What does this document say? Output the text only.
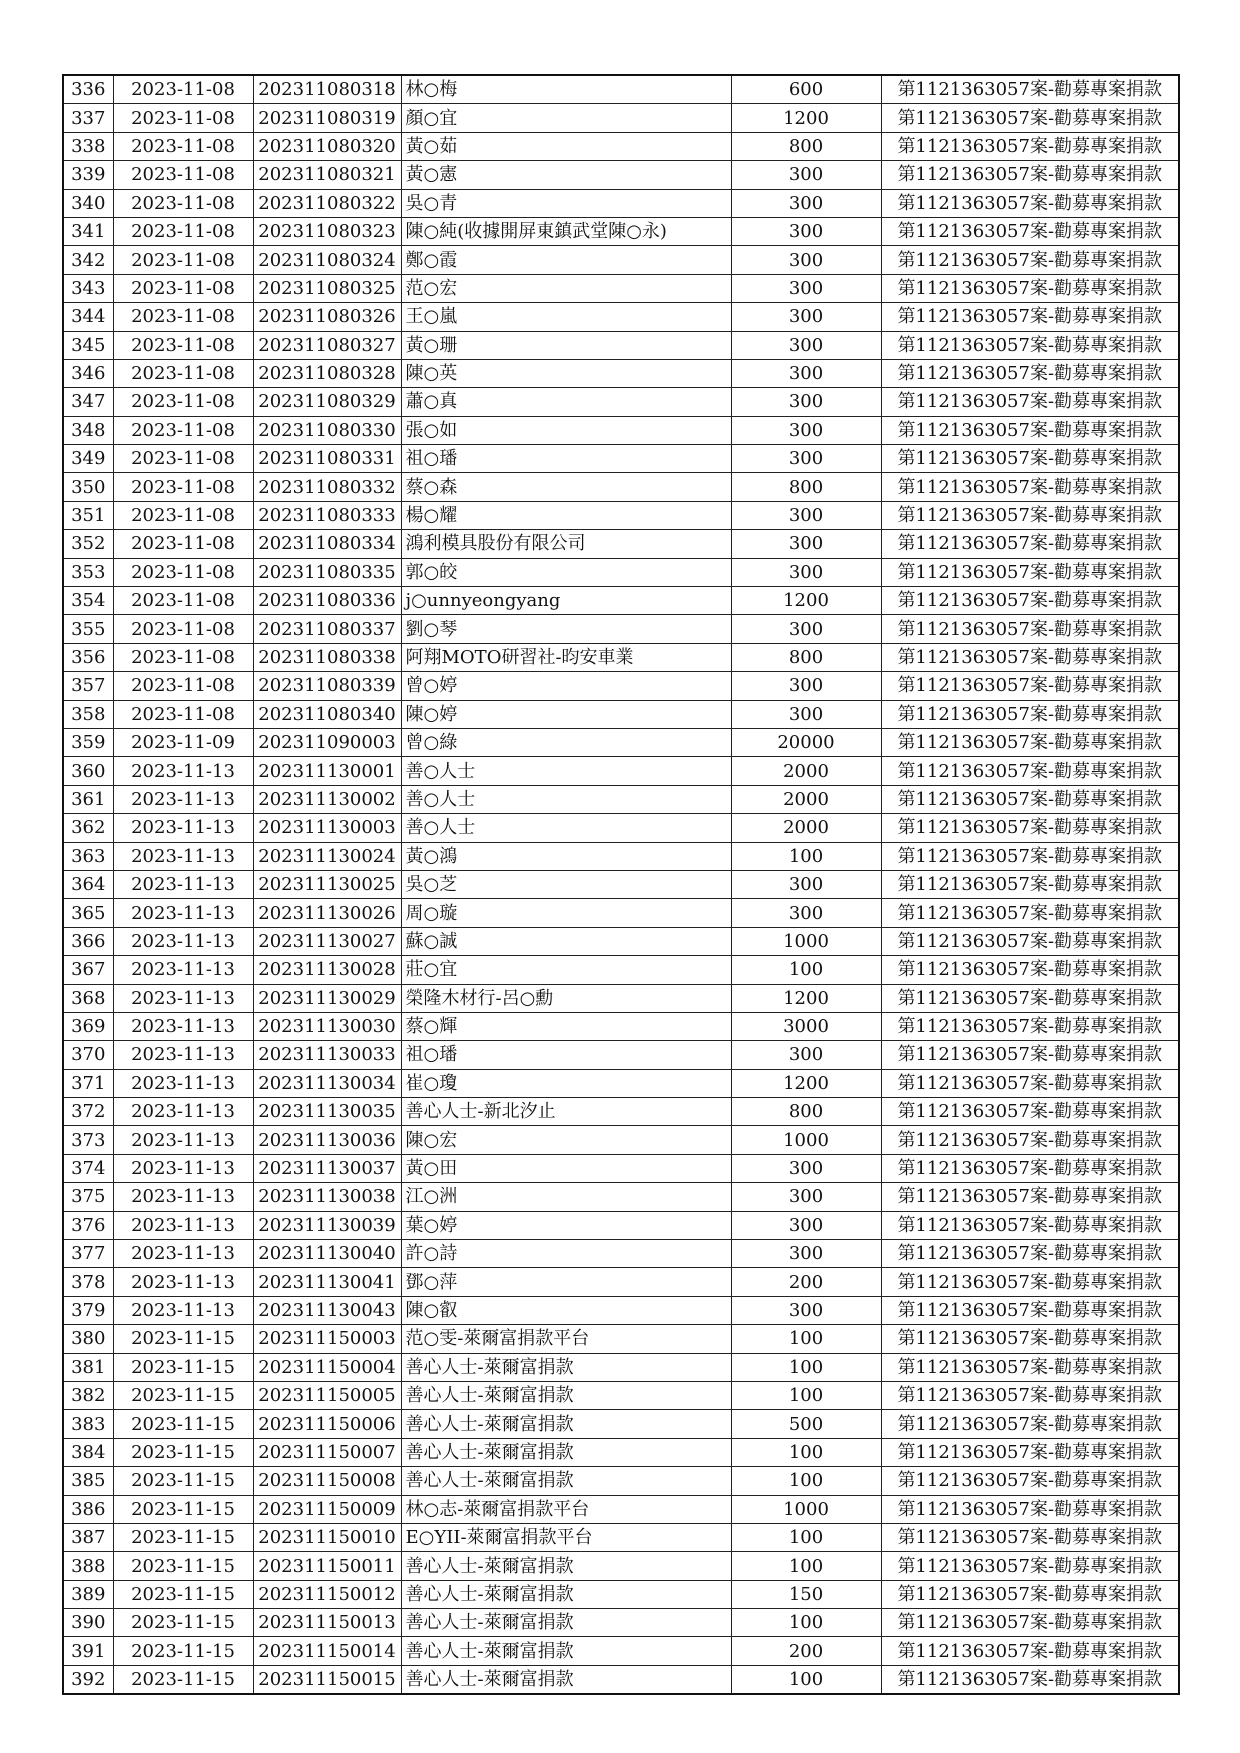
336	2023-11-08	202311080318	林○梅	600	第1121363057案-勸募專案捐款
337	2023-11-08	202311080319	顏○宜	1200	第1121363057案-勸募專案捐款
338	2023-11-08	202311080320	黃○茹	800	第1121363057案-勸募專案捐款
339	2023-11-08	202311080321	黃○憲	300	第1121363057案-勸募專案捐款
340	2023-11-08	202311080322	吳○青	300	第1121363057案-勸募專案捐款
341	2023-11-08	202311080323	陳○純(收據開屏東鎮武堂陳○永)	300	第1121363057案-勸募專案捐款
342	2023-11-08	202311080324	鄭○霞	300	第1121363057案-勸募專案捐款
343	2023-11-08	202311080325	范○宏	300	第1121363057案-勸募專案捐款
344	2023-11-08	202311080326	王○嵐	300	第1121363057案-勸募專案捐款
345	2023-11-08	202311080327	黃○珊	300	第1121363057案-勸募專案捐款
346	2023-11-08	202311080328	陳○英	300	第1121363057案-勸募專案捐款
347	2023-11-08	202311080329	蕭○真	300	第1121363057案-勸募專案捐款
348	2023-11-08	202311080330	張○如	300	第1121363057案-勸募專案捐款
349	2023-11-08	202311080331	祖○璠	300	第1121363057案-勸募專案捐款
350	2023-11-08	202311080332	蔡○森	800	第1121363057案-勸募專案捐款
351	2023-11-08	202311080333	楊○耀	300	第1121363057案-勸募專案捐款
352	2023-11-08	202311080334	鴻利模具股份有限公司	300	第1121363057案-勸募專案捐款
353	2023-11-08	202311080335	郭○皎	300	第1121363057案-勸募專案捐款
354	2023-11-08	202311080336	j○unnyeongyang	1200	第1121363057案-勸募專案捐款
355	2023-11-08	202311080337	劉○琴	300	第1121363057案-勸募專案捐款
356	2023-11-08	202311080338	阿翔MOTO研習社-昀安車業	800	第1121363057案-勸募專案捐款
357	2023-11-08	202311080339	曾○婷	300	第1121363057案-勸募專案捐款
358	2023-11-08	202311080340	陳○婷	300	第1121363057案-勸募專案捐款
359	2023-11-09	202311090003	曾○綠	20000	第1121363057案-勸募專案捐款
360	2023-11-13	202311130001	善○人士	2000	第1121363057案-勸募專案捐款
361	2023-11-13	202311130002	善○人士	2000	第1121363057案-勸募專案捐款
362	2023-11-13	202311130003	善○人士	2000	第1121363057案-勸募專案捐款
363	2023-11-13	202311130024	黃○鴻	100	第1121363057案-勸募專案捐款
364	2023-11-13	202311130025	吳○芝	300	第1121363057案-勸募專案捐款
365	2023-11-13	202311130026	周○璇	300	第1121363057案-勸募專案捐款
366	2023-11-13	202311130027	蘇○誠	1000	第1121363057案-勸募專案捐款
367	2023-11-13	202311130028	莊○宜	100	第1121363057案-勸募專案捐款
368	2023-11-13	202311130029	榮隆木材行-呂○勳	1200	第1121363057案-勸募專案捐款
369	2023-11-13	202311130030	蔡○輝	3000	第1121363057案-勸募專案捐款
370	2023-11-13	202311130033	祖○璠	300	第1121363057案-勸募專案捐款
371	2023-11-13	202311130034	崔○瓊	1200	第1121363057案-勸募專案捐款
372	2023-11-13	202311130035	善心人士-新北汐止	800	第1121363057案-勸募專案捐款
373	2023-11-13	202311130036	陳○宏	1000	第1121363057案-勸募專案捐款
374	2023-11-13	202311130037	黃○田	300	第1121363057案-勸募專案捐款
375	2023-11-13	202311130038	江○洲	300	第1121363057案-勸募專案捐款
376	2023-11-13	202311130039	葉○婷	300	第1121363057案-勸募專案捐款
377	2023-11-13	202311130040	許○詩	300	第1121363057案-勸募專案捐款
378	2023-11-13	202311130041	鄧○萍	200	第1121363057案-勸募專案捐款
379	2023-11-13	202311130043	陳○叡	300	第1121363057案-勸募專案捐款
380	2023-11-15	202311150003	范○雯-萊爾富捐款平台	100	第1121363057案-勸募專案捐款
381	2023-11-15	202311150004	善心人士-萊爾富捐款	100	第1121363057案-勸募專案捐款
382	2023-11-15	202311150005	善心人士-萊爾富捐款	100	第1121363057案-勸募專案捐款
383	2023-11-15	202311150006	善心人士-萊爾富捐款	500	第1121363057案-勸募專案捐款
384	2023-11-15	202311150007	善心人士-萊爾富捐款	100	第1121363057案-勸募專案捐款
385	2023-11-15	202311150008	善心人士-萊爾富捐款	100	第1121363057案-勸募專案捐款
386	2023-11-15	202311150009	林○志-萊爾富捐款平台	1000	第1121363057案-勸募專案捐款
387	2023-11-15	202311150010	E○YII-萊爾富捐款平台	100	第1121363057案-勸募專案捐款
388	2023-11-15	202311150011	善心人士-萊爾富捐款	100	第1121363057案-勸募專案捐款
389	2023-11-15	202311150012	善心人士-萊爾富捐款	150	第1121363057案-勸募專案捐款
390	2023-11-15	202311150013	善心人士-萊爾富捐款	100	第1121363057案-勸募專案捐款
391	2023-11-15	202311150014	善心人士-萊爾富捐款	200	第1121363057案-勸募專案捐款
392	2023-11-15	202311150015	善心人士-萊爾富捐款	100	第1121363057案-勸募專案捐款
